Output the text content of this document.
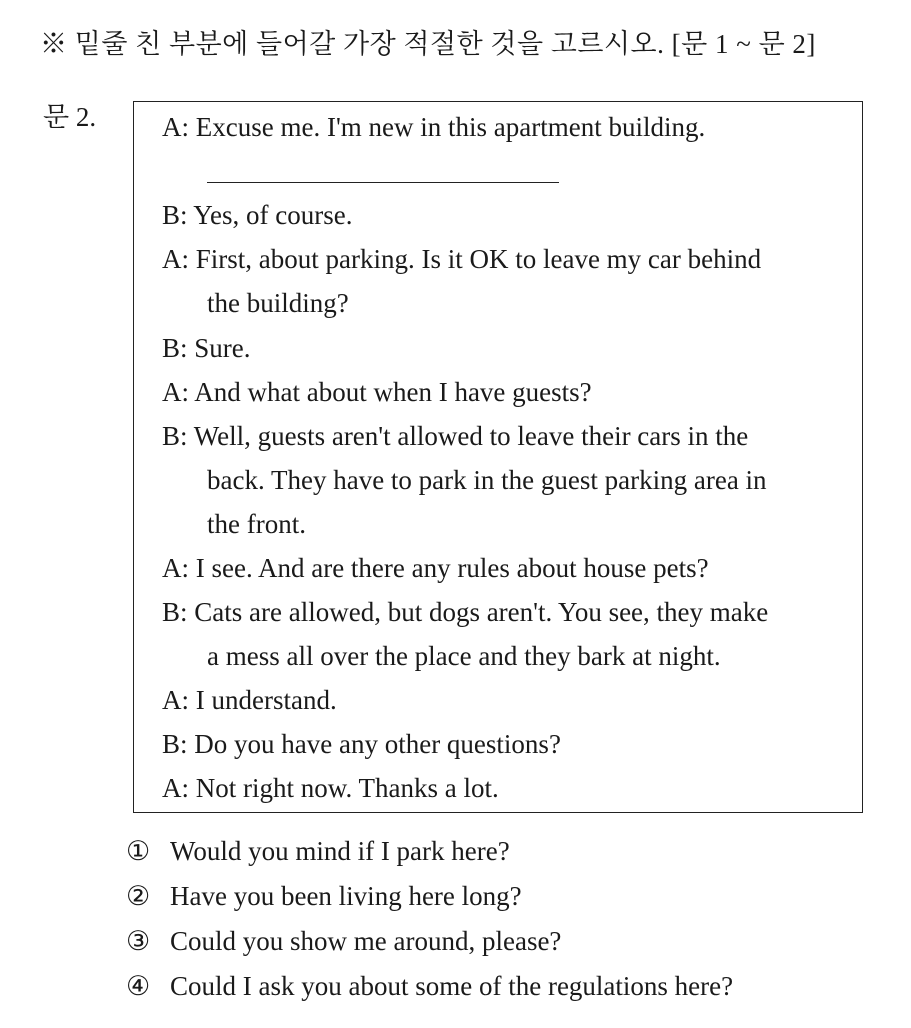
※ 밑줄 친 부분에 들어갈 가장 적절한 것을 고르시오. [문 1 ~ 문 2]
문 2. A: Excuse me. I'm new in this apartment building.
B: Yes, of course.
A: First, about parking. Is it OK to leave my car behind
the building?
B: Sure.
A: And what about when I have guests?
B: Well, guests aren't allowed to leave their cars in the
back. They have to park in the guest parking area in
the front.
A: I see. And are there any rules about house pets?
B: Cats are allowed, but dogs aren't. You see, they make
a mess all over the place and they bark at night.
A: I understand.
B: Do you have any other questions?
A: Not right now. Thanks a lot.
① Would you mind if I park here?
② Have you been living here long?
③ Could you show me around, please?
④ Could I ask you about some of the regulations here?
